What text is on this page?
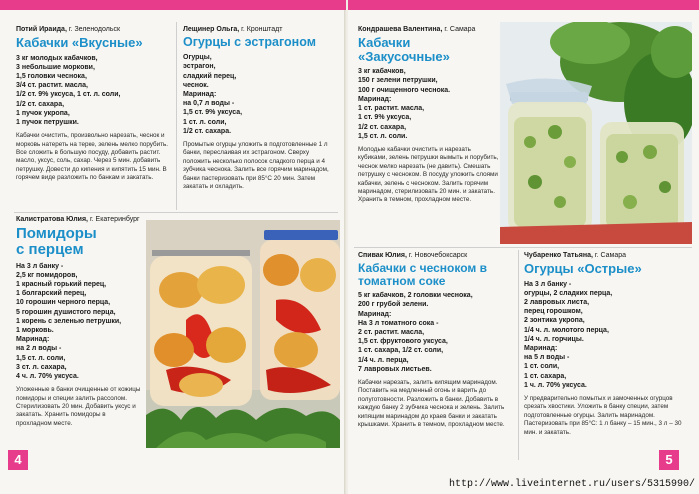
Потий Ираида, г. Зеленодольск

Кабачки «Вкусные»
3 кг молодых кабачков,
3 небольшие моркови,
1,5 головки чеснока,
3/4 ст. растит. масла,
1/2 ст. 9% уксуса, 1 ст. л. соли,
1/2 ст. сахара,
1 пучок укропа,
1 пучок петрушки.

Кабачки очистить, произвольно нарезать, чеснок и морковь натереть на терке, зелень мелко порубить. Все сложить в большую посуду, добавить растит. масло, уксус, соль, сахар. Через 5 мин. добавить петрушку. Довести до кипения и кипятить 15 мин. В горячем виде разложить по банкам и закатать.

Лещинер Ольга, г. Кронштадт

Огурцы с эстрагоном
Огурцы,
эстрагон,
сладкий перец,
чеснок.
Маринад:
на 0,7 л воды -
1,5 ст. 9% уксуса,
1 ст. л. соли,
1/2 ст. сахара.

Промытые огурцы уложить в подготовленные 1 л банки, переслаивая их эстрагоном. Сверху положить несколько полосок сладкого перца и 4 зубчика чеснока. Залить все горячим маринадом, банки пастеризовать при 85°С 20 мин. Затем закатать и охладить.

Калистратова Юлия, г. Екатеринбург

Помидоры
с перцем
На 3 л банку -
2,5 кг помидоров,
1 красный горький перец,
1 болгарский перец,
10 горошин черного перца,
5 горошин душистого перца,
1 корень с зеленью петрушки,
1 морковь.
Маринад:
на 2 л воды -
1,5 ст. л. соли,
3 ст. л. сахара,
4 ч. л. 70% уксуса.

Уложенные в банки очищенные от кожицы помидоры и специи залить рассолом. Стерилизовать 20 мин. Добавить уксус и закатать. Хранить помидоры в прохладном месте.

4

Кондрашева Валентина, г. Самара

Кабачки
«Закусочные»
3 кг кабачков,
150 г зелени петрушки,
100 г очищенного чеснока.
Маринад:
1 ст. растит. масла,
1 ст. 9% уксуса,
1/2 ст. сахара,
1,5 ст. л. соли.

Молодые кабачки очистить и нарезать кубиками, зелень петрушки вымыть и порубить, чеснок мелко нарезать (не давить). Смешать петрушку с чесноком. В посуду уложить слоями кабачки, зелень с чесноком. Залить горячим маринадом, стерилизовать 20 мин. и закатать. Хранить в темном, прохладном месте.

Спивак Юлия, г. Новочебоксарск

Кабачки с чесноком в томатном соке
5 кг кабачков, 2 головки чеснока,
200 г грубой зелени.
Маринад:
На 3 л томатного сока -
2 ст. растит. масла,
1,5 ст. фруктового уксуса,
1 ст. сахара, 1/2 ст. соли,
1/4 ч. л. перца,
7 лавровых листьев.

Кабачки нарезать, залить кипящим маринадом. Поставить на медленный огонь и варить до полуготовности. Разложить в банки. Добавить в каждую банку 2 зубчика чеснока и зелень. Залить кипящим маринадом до краев банки и закатать крышками. Хранить в темном, прохладном месте.

Чубаренко Татьяна, г. Самара

Огурцы «Острые»
На 3 л банку -
огурцы, 2 сладких перца,
2 лавровых листа,
перец горошком,
2 зонтика укропа,
1/4 ч. л. молотого перца,
1/4 ч. л. горчицы.
Маринад:
на 5 л воды -
1 ст. соли,
1 ст. сахара,
1 ч. л. 70% уксуса.

У предварительно помытых и замоченных огурцов срезать хвостики. Уложить в банку специи, затем подготовленные огурцы. Залить маринадом. Пастеризовать при 85°С: 1 л банку – 15 мин., 3 л – 30 мин. и закатать.

5
http://www.liveinternet.ru/users/5315990/
